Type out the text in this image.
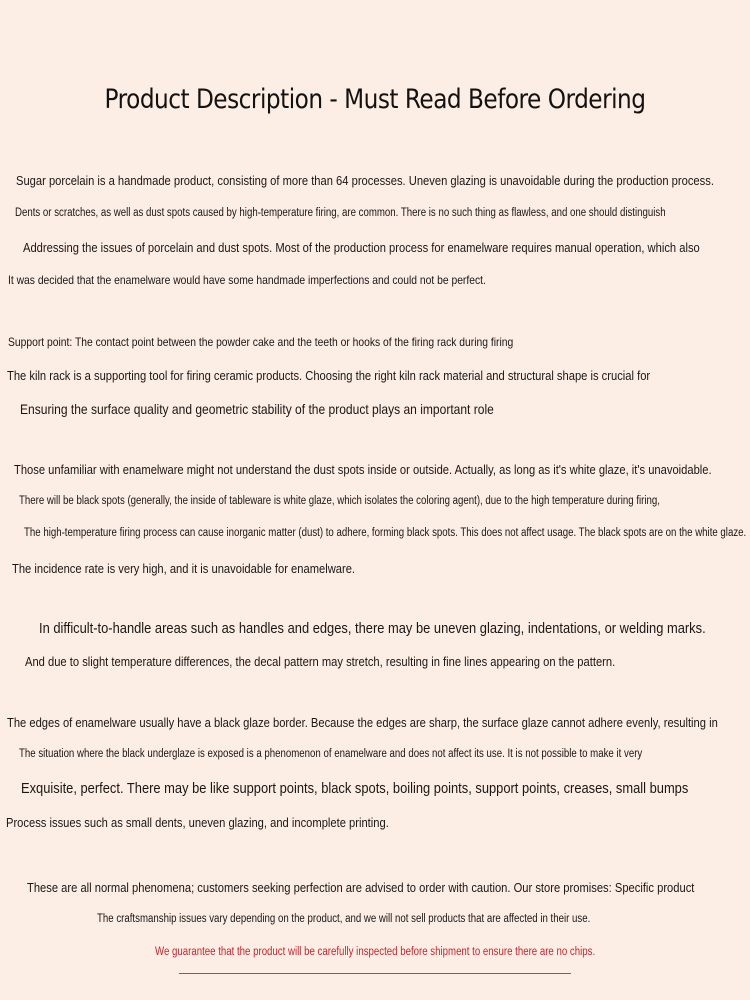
Product Description - Must Read Before Ordering
Sugar porcelain is a handmade product, consisting of more than 64 processes. Uneven glazing is unavoidable during the production process.
Dents or scratches, as well as dust spots caused by high-temperature firing, are common. There is no such thing as flawless, and one should distinguish
Addressing the issues of porcelain and dust spots. Most of the production process for enamelware requires manual operation, which also
It was decided that the enamelware would have some handmade imperfections and could not be perfect.
Support point: The contact point between the powder cake and the teeth or hooks of the firing rack during firing
The kiln rack is a supporting tool for firing ceramic products. Choosing the right kiln rack material and structural shape is crucial for
Ensuring the surface quality and geometric stability of the product plays an important role
Those unfamiliar with enamelware might not understand the dust spots inside or outside. Actually, as long as it's white glaze, it's unavoidable.
There will be black spots (generally, the inside of tableware is white glaze, which isolates the coloring agent), due to the high temperature during firing,
The high-temperature firing process can cause inorganic matter (dust) to adhere, forming black spots. This does not affect usage. The black spots are on the white glaze.
The incidence rate is very high, and it is unavoidable for enamelware.
In difficult-to-handle areas such as handles and edges, there may be uneven glazing, indentations, or welding marks.
And due to slight temperature differences, the decal pattern may stretch, resulting in fine lines appearing on the pattern.
The edges of enamelware usually have a black glaze border. Because the edges are sharp, the surface glaze cannot adhere evenly, resulting in
The situation where the black underglaze is exposed is a phenomenon of enamelware and does not affect its use. It is not possible to make it very
Exquisite, perfect. There may be like support points, black spots, boiling points, support points, creases, small bumps
Process issues such as small dents, uneven glazing, and incomplete printing.
These are all normal phenomena; customers seeking perfection are advised to order with caution. Our store promises: Specific product
The craftsmanship issues vary depending on the product, and we will not sell products that are affected in their use.
We guarantee that the product will be carefully inspected before shipment to ensure there are no chips.
